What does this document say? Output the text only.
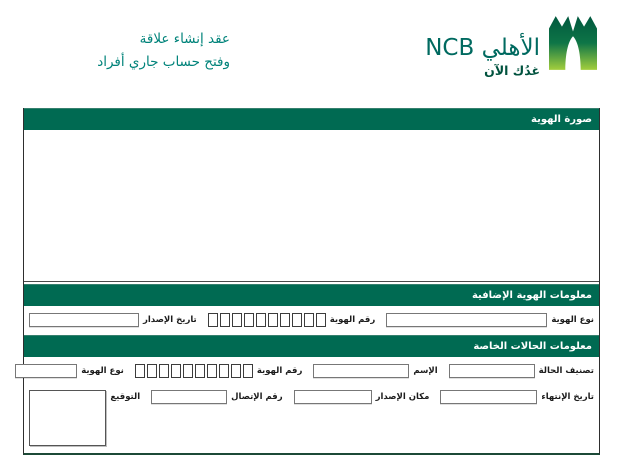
الأهلي NCB
غدُك الآن
عقد إنشاء علاقة
وفتح حساب جاري أفراد
صورة الهوية
معلومات الهوية الإضافية
نوع الهوية
رقم الهوية
تاريخ الإصدار
معلومات الحالات الخاصة
تصنيف الحالة
الإسم
رقم الهوية
نوع الهوية
تاريخ الإنتهاء
مكان الإصدار
رقم الإتصال
التوقيع
